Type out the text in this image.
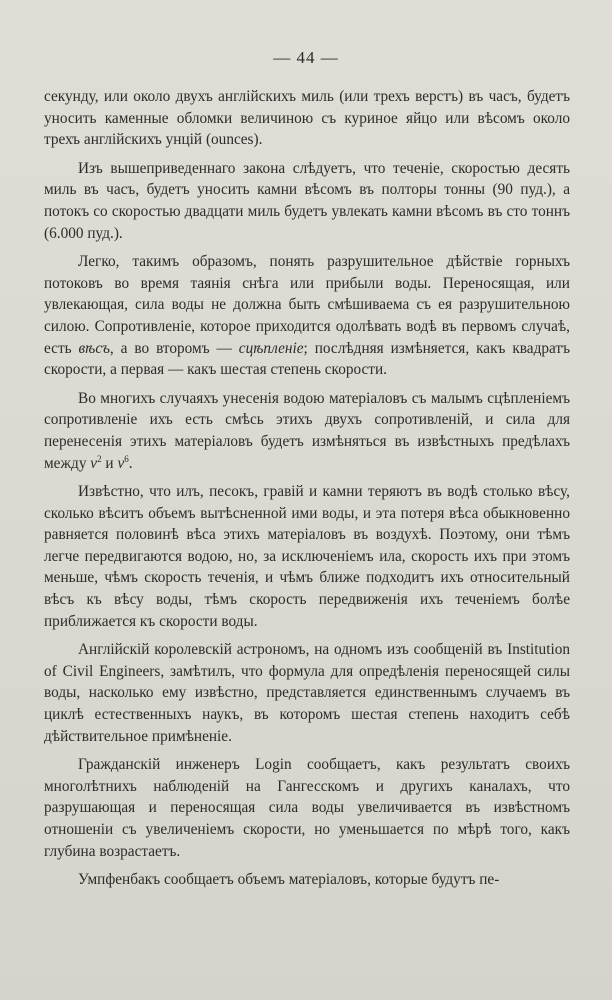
— 44 —

секунду, или около двухъ англійскихъ миль (или трехъ верстъ) въ часъ, будетъ уносить каменные обломки величиною съ куриное яйцо или вѣсомъ около трехъ англійскихъ унцій (ounces).

Изъ вышеприведеннаго закона слѣдуетъ, что теченіе, скоростью десять миль въ часъ, будетъ уносить камни вѣсомъ въ полторы тонны (90 пуд.), а потокъ со скоростью двадцати миль будетъ увлекать камни вѣсомъ въ сто тоннъ (6.000 пуд.).

Легко, такимъ образомъ, понять разрушительное дѣйствіе горныхъ потоковъ во время таянія снѣга или прибыли воды. Переносящая, или увлекающая, сила воды не должна быть смѣшиваема съ ея разрушительною силою. Сопротивленіе, которое приходится одолѣвать водѣ въ первомъ случаѣ, есть вѣсъ, а во второмъ — сцѣпленіе; послѣдняя измѣняется, какъ квадратъ скорости, а первая — какъ шестая степень скорости.

Во многихъ случаяхъ унесенія водою матеріаловъ съ малымъ сцѣпленіемъ сопротивленіе ихъ есть смѣсь этихъ двухъ сопротивленій, и сила для перенесенія этихъ матеріаловъ будетъ измѣняться въ извѣстныхъ предѣлахъ между $v^2$ и $v^6$.

Извѣстно, что илъ, песокъ, гравій и камни теряютъ въ водѣ столько вѣсу, сколько вѣситъ объемъ вытѣсненной ими воды, и эта потеря вѣса обыкновенно равняется половинѣ вѣса этихъ матеріаловъ въ воздухѣ. Поэтому, они тѣмъ легче передвигаются водою, но, за исключеніемъ ила, скорость ихъ при этомъ меньше, чѣмъ скорость теченія, и чѣмъ ближе подходитъ ихъ относительный вѣсъ къ вѣсу воды, тѣмъ скорость передвиженія ихъ теченіемъ болѣе приближается къ скорости воды.

Англійскій королевскій астрономъ, на одномъ изъ сообщеній въ Institution of Civil Engineers, замѣтилъ, что формула для опредѣленія переносящей силы воды, насколько ему извѣстно, представляется единственнымъ случаемъ въ циклѣ естественныхъ наукъ, въ которомъ шестая степень находитъ себѣ дѣйствительное примѣненіе.

Гражданскій инженеръ Login сообщаетъ, какъ результатъ своихъ многолѣтнихъ наблюденій на Гангесскомъ и другихъ каналахъ, что разрушающая и переносящая сила воды увеличивается въ извѣстномъ отношеніи съ увеличеніемъ скорости, но уменьшается по мѣрѣ того, какъ глубина возрастаетъ.

Умпфенбакъ сообщаетъ объемъ матеріаловъ, которые будутъ пе-
